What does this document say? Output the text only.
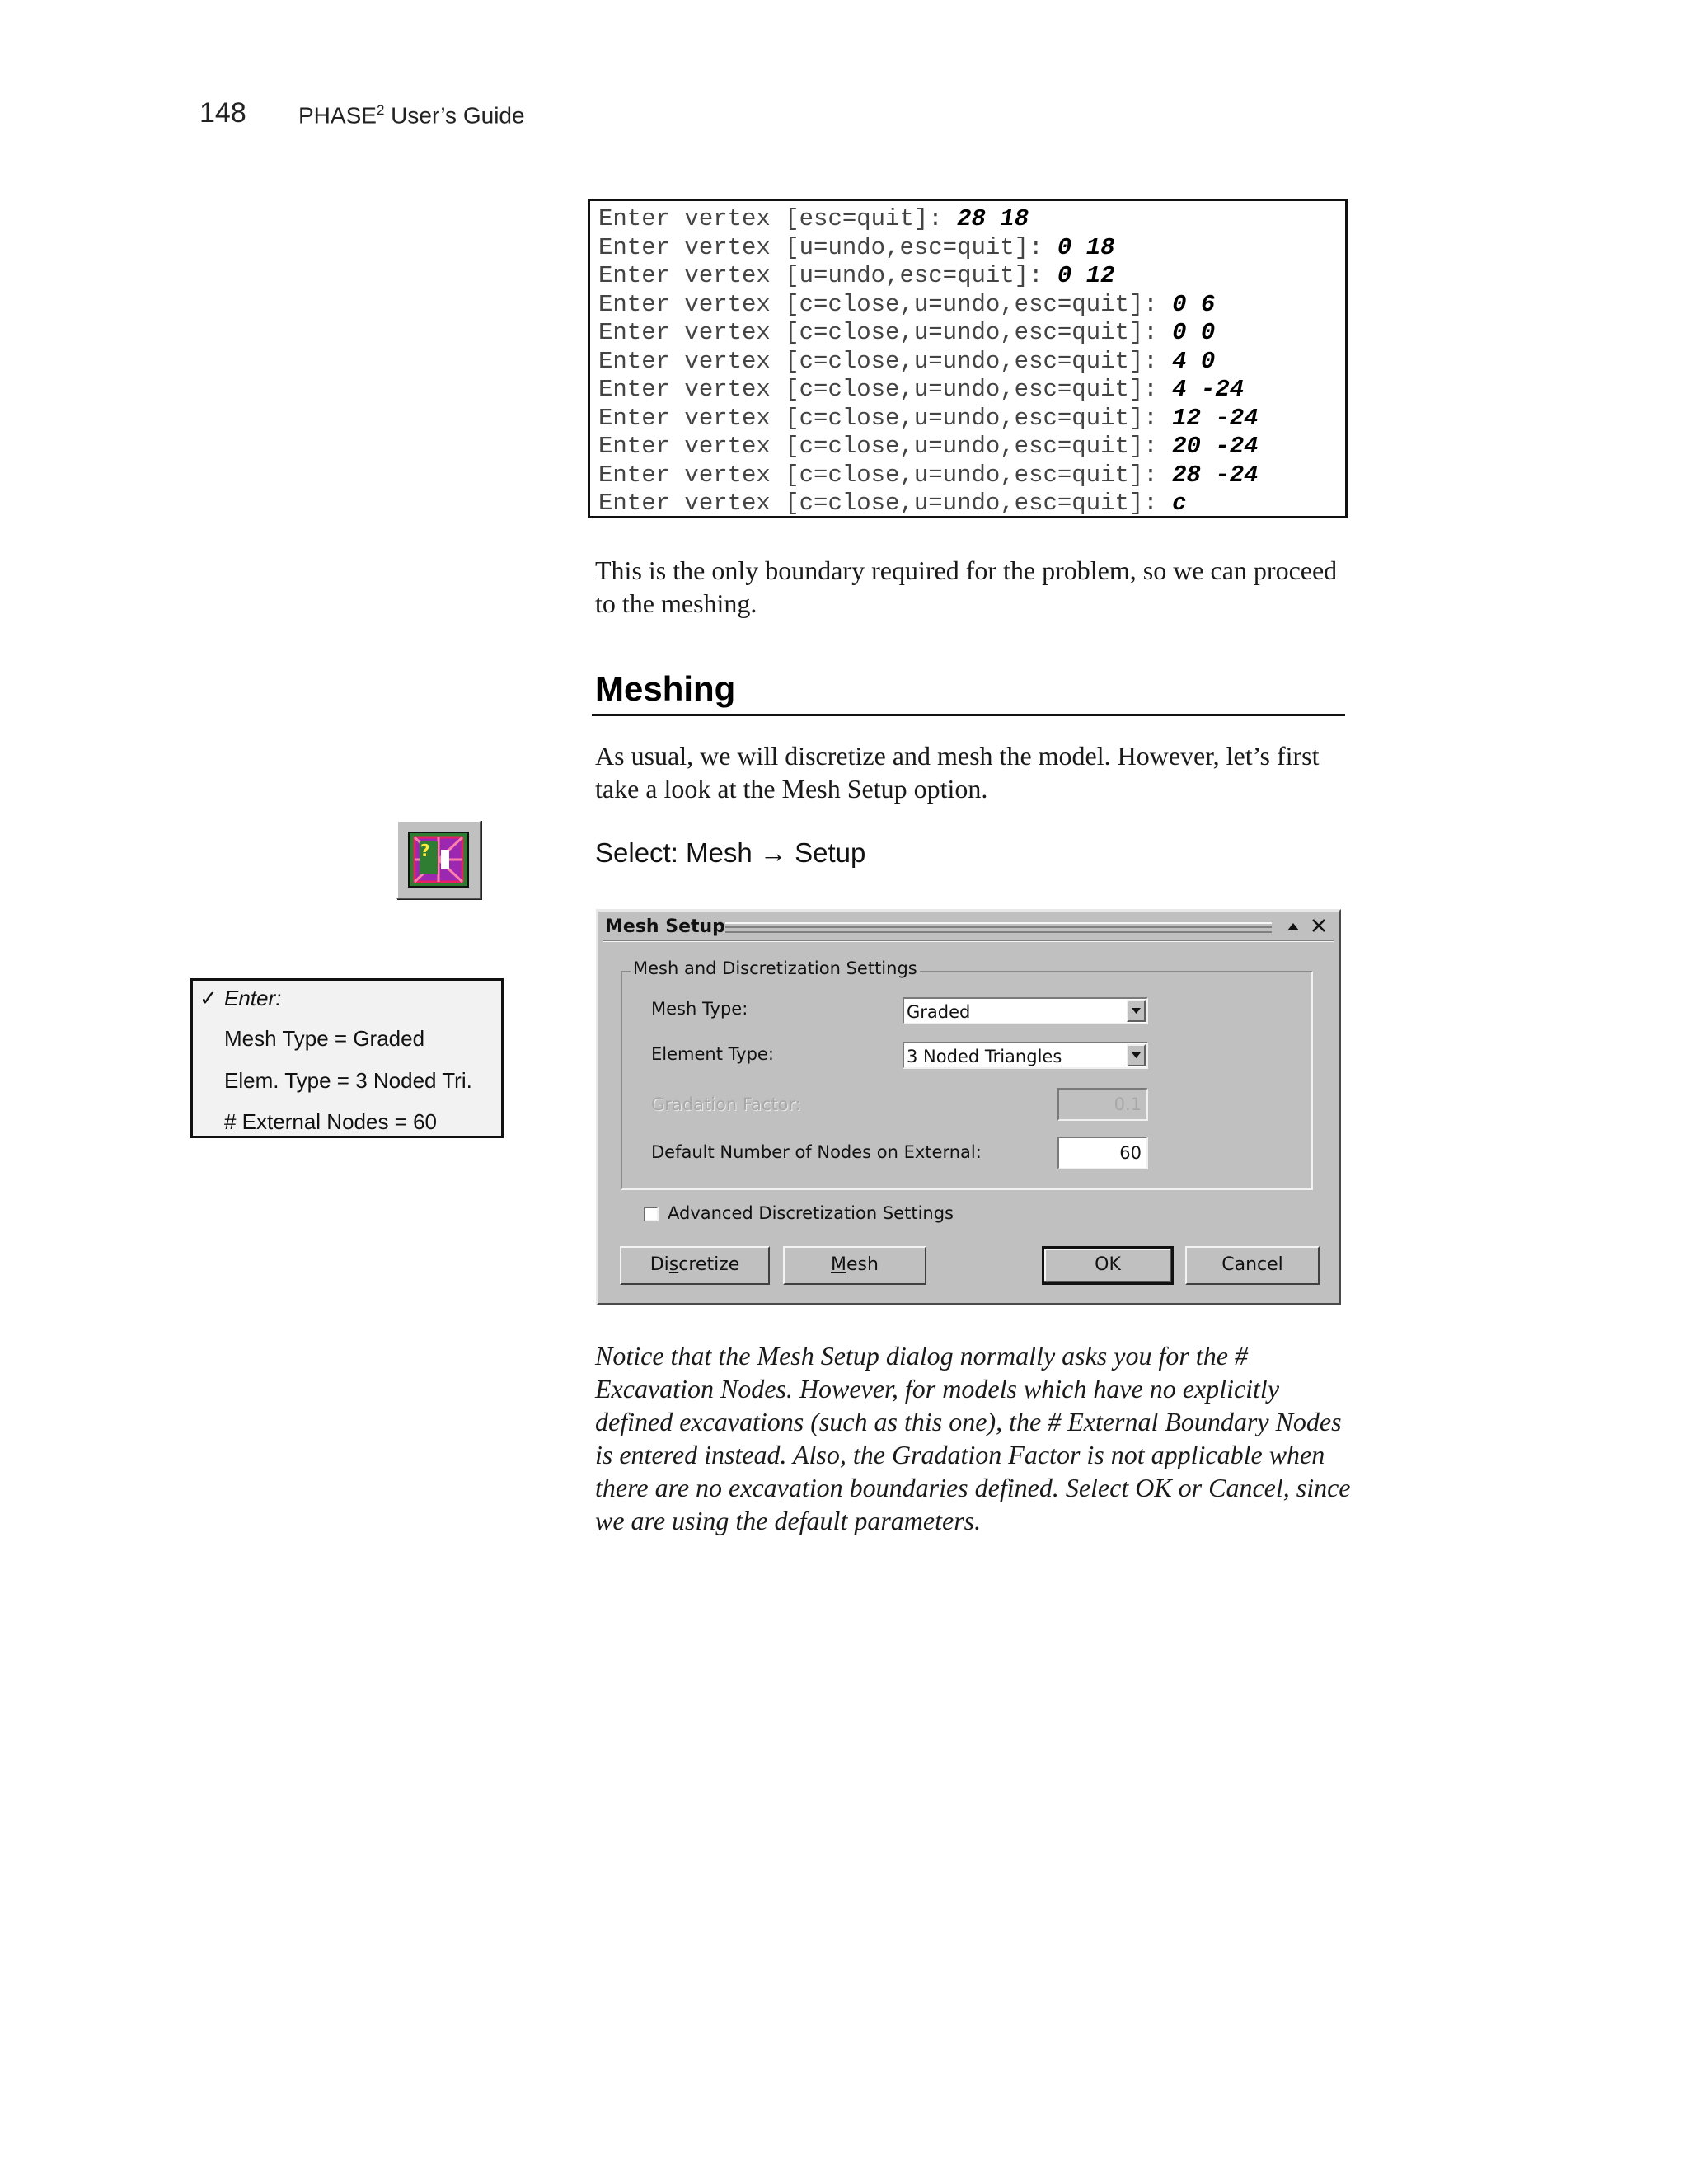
148 PHASE$^2$ User’s Guide
Enter vertex [esc=quit]: 28 18
Enter vertex [u=undo,esc=quit]: 0 18
Enter vertex [u=undo,esc=quit]: 0 12
Enter vertex [c=close,u=undo,esc=quit]: 0 6
Enter vertex [c=close,u=undo,esc=quit]: 0 0
Enter vertex [c=close,u=undo,esc=quit]: 4 0
Enter vertex [c=close,u=undo,esc=quit]: 4 -24
Enter vertex [c=close,u=undo,esc=quit]: 12 -24
Enter vertex [c=close,u=undo,esc=quit]: 20 -24
Enter vertex [c=close,u=undo,esc=quit]: 28 -24
Enter vertex [c=close,u=undo,esc=quit]: c
This is the only boundary required for the problem, so we can proceed to the meshing.
Meshing
As usual, we will discretize and mesh the model. However, let’s first take a look at the Mesh Setup option.
Select: Mesh → Setup
?
✓ Enter:
Mesh Type = Graded
Elem. Type = 3 Noded Tri.
# External Nodes = 60
Mesh Setup
Mesh and Discretization Settings
Mesh Type:	Graded
Element Type:	3 Noded Triangles
Gradation Factor:	0.1
Default Number of Nodes on External:	60
Advanced Discretization Settings
Discretize	Mesh	OK	Cancel
Notice that the Mesh Setup dialog normally asks you for the # Excavation Nodes. However, for models which have no explicitly defined excavations (such as this one), the # External Boundary Nodes is entered instead. Also, the Gradation Factor is not applicable when there are no excavation boundaries defined. Select OK or Cancel, since we are using the default parameters.
